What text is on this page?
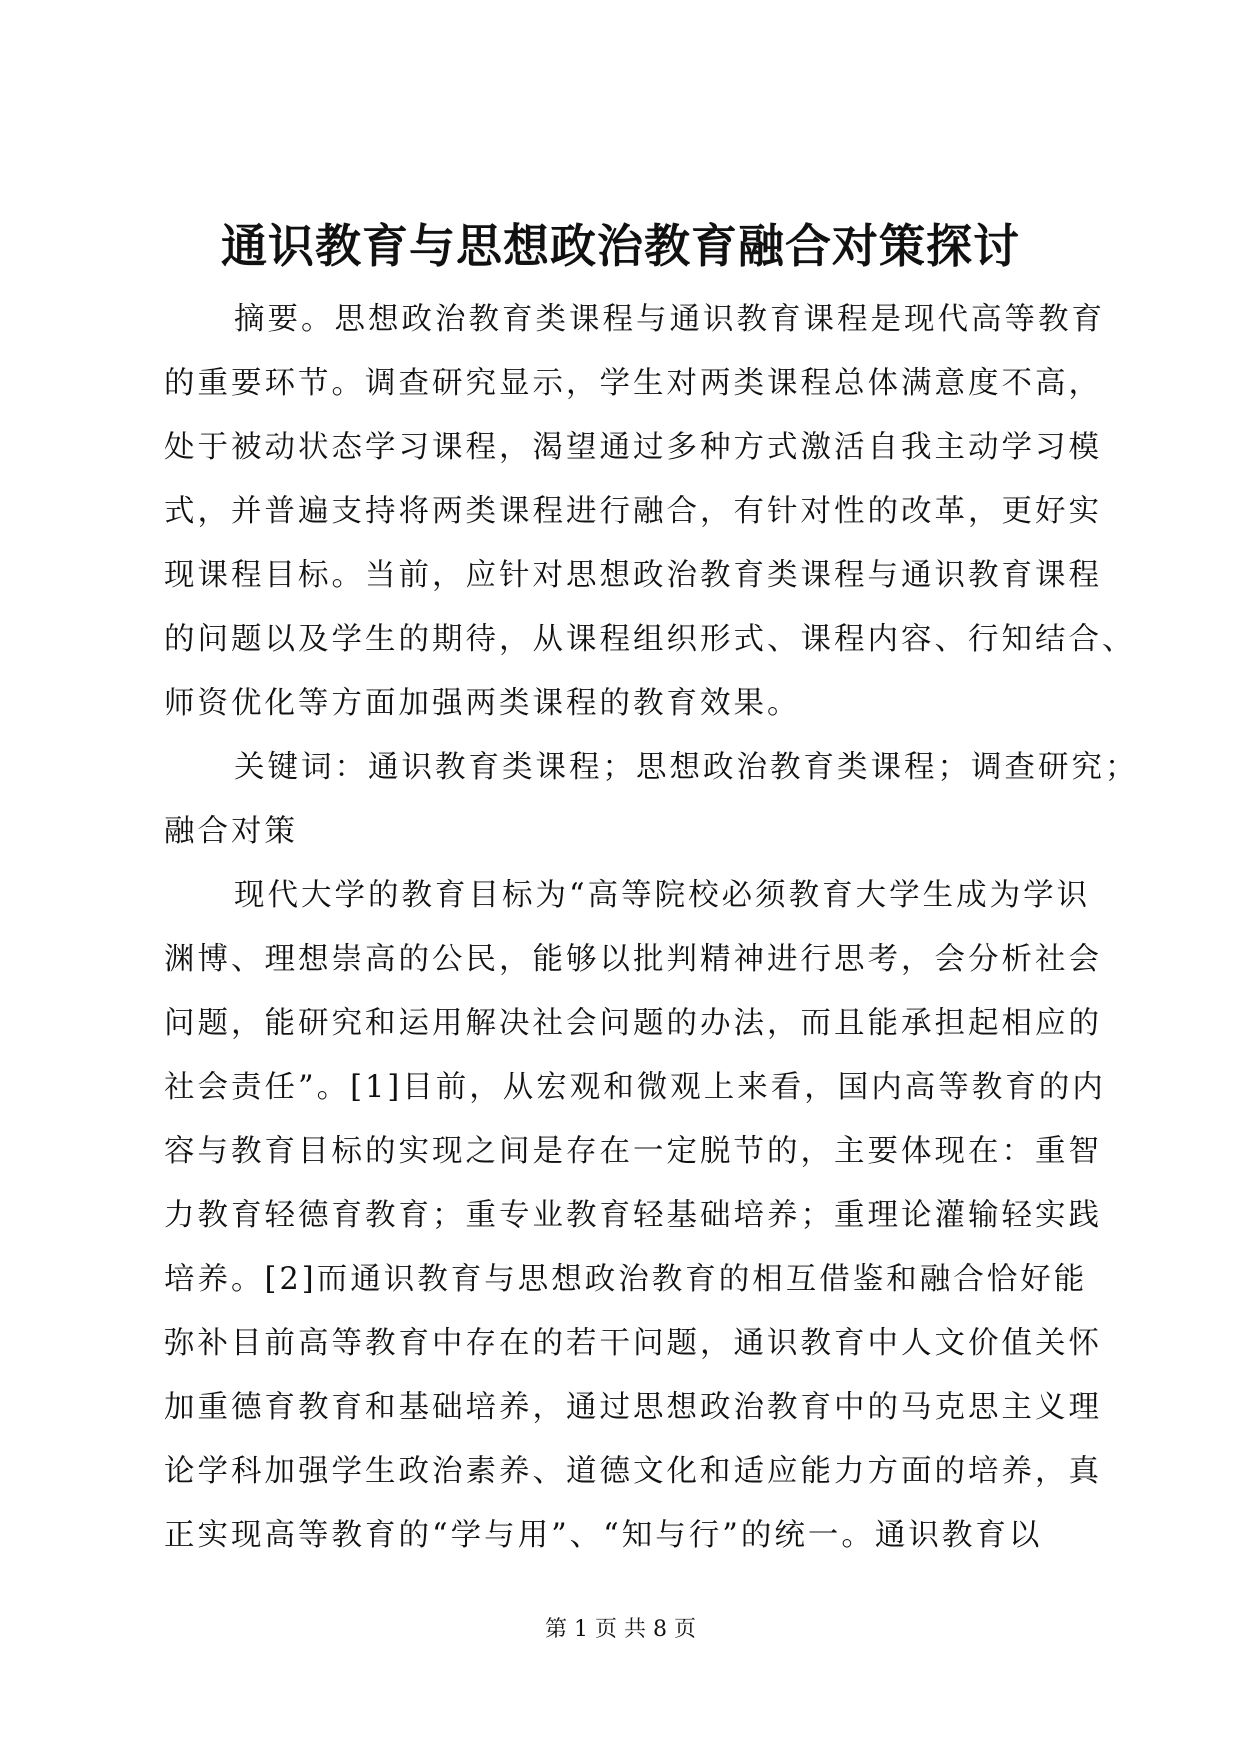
通识教育与思想政治教育融合对策探讨
摘要。思想政治教育类课程与通识教育课程是现代高等教育
的重要环节。调查研究显示，学生对两类课程总体满意度不高，
处于被动状态学习课程，渴望通过多种方式激活自我主动学习模
式，并普遍支持将两类课程进行融合，有针对性的改革，更好实
现课程目标。当前，应针对思想政治教育类课程与通识教育课程
的问题以及学生的期待，从课程组织形式、课程内容、行知结合、
师资优化等方面加强两类课程的教育效果。
关键词：通识教育类课程；思想政治教育类课程；调查研究；
融合对策
现代大学的教育目标为“高等院校必须教育大学生成为学识
渊博、理想崇高的公民，能够以批判精神进行思考，会分析社会
问题，能研究和运用解决社会问题的办法，而且能承担起相应的
社会责任”。[1]目前，从宏观和微观上来看，国内高等教育的内
容与教育目标的实现之间是存在一定脱节的，主要体现在：重智
力教育轻德育教育；重专业教育轻基础培养；重理论灌输轻实践
培养。[2]而通识教育与思想政治教育的相互借鉴和融合恰好能
弥补目前高等教育中存在的若干问题，通识教育中人文价值关怀
加重德育教育和基础培养，通过思想政治教育中的马克思主义理
论学科加强学生政治素养、道德文化和适应能力方面的培养，真
正实现高等教育的“学与用”、“知与行”的统一。通识教育以
第 1 页 共 8 页
